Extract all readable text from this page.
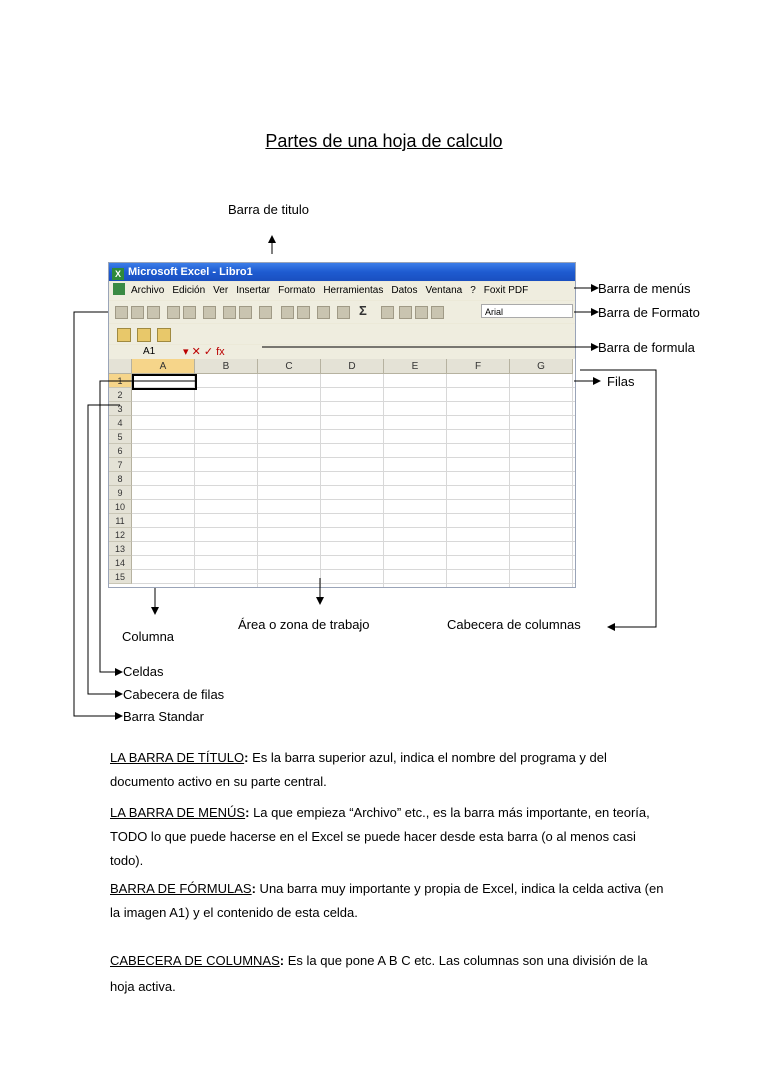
Partes de una hoja de calculo
X Microsoft Excel - Libro1
Archivo Edición Ver Insertar Formato Herramientas Datos Ventana ? Foxit PDF
Σ	Arial
A1	▾ ✕ ✓ fx
A	B	C	D	E	F	G
1
2
3
4
5
6
7
8
9
10
11
12
13
14
15
Barra de titulo
Barra de menús
Barra de Formato
Barra de formula
Filas
Área o zona de trabajo	Cabecera de columnas
Columna
Celdas
Cabecera de filas
Barra Standar
LA BARRA DE TÍTULO: Es la barra superior azul, indica el nombre del programa y del documento activo en su parte central.
LA BARRA DE MENÚS: La que empieza “Archivo” etc., es la barra más importante, en teoría, TODO lo que puede hacerse en el Excel se puede hacer desde esta barra (o al menos casi todo).
BARRA DE FÓRMULAS: Una barra muy importante y propia de Excel, indica la celda activa (en la imagen A1) y el contenido de esta celda.
CABECERA DE COLUMNAS: Es la que pone A B C etc. Las columnas son una división de la hoja activa.
